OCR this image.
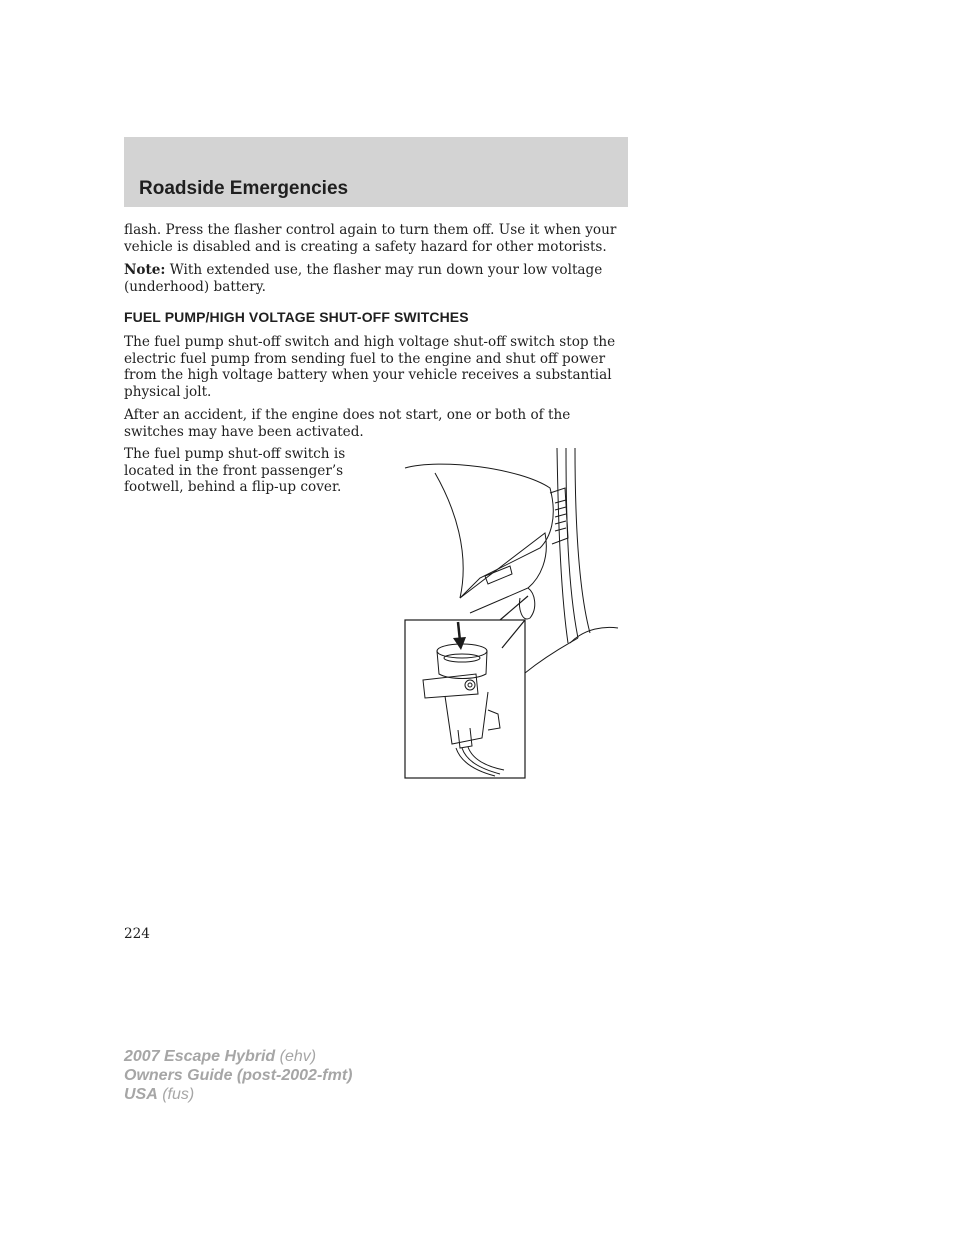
Roadside Emergencies

flash. Press the flasher control again to turn them off. Use it when your vehicle is disabled and is creating a safety hazard for other motorists.

Note: With extended use, the flasher may run down your low voltage (underhood) battery.

FUEL PUMP/HIGH VOLTAGE SHUT-OFF SWITCHES

The fuel pump shut-off switch and high voltage shut-off switch stop the electric fuel pump from sending fuel to the engine and shut off power from the high voltage battery when your vehicle receives a substantial physical jolt.

After an accident, if the engine does not start, one or both of the switches may have been activated.

The fuel pump shut-off switch is located in the front passenger’s footwell, behind a flip-up cover.

224

2007 Escape Hybrid (ehv)
Owners Guide (post-2002-fmt)
USA (fus)
